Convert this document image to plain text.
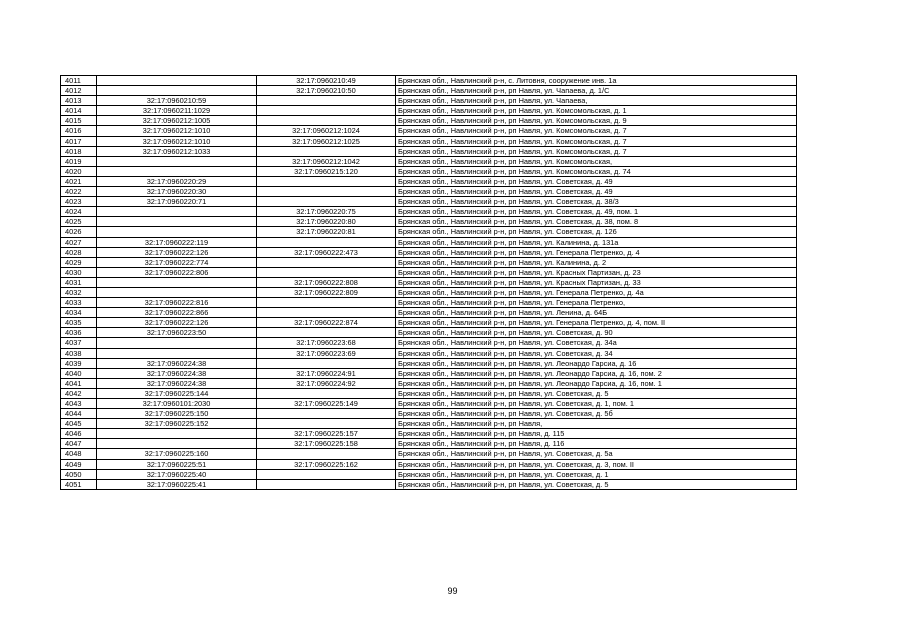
4011		32:17:0960210:49	Брянская обл., Навлинский р-н, с. Литовня, сооружение инв. 1а
4012		32:17:0960210:50	Брянская обл., Навлинский р-н, рп Навля, ул. Чапаева, д. 1/С
4013	32:17:0960210:59		Брянская обл., Навлинский р-н, рп Навля, ул. Чапаева,
4014	32:17:0960211:1029		Брянская обл., Навлинский р-н, рп Навля, ул. Комсомольская, д. 1
4015	32:17:0960212:1005		Брянская обл., Навлинский р-н, рп Навля, ул. Комсомольская, д. 9
4016	32:17:0960212:1010	32:17:0960212:1024	Брянская обл., Навлинский р-н, рп Навля, ул. Комсомольская, д. 7
4017	32:17:0960212:1010	32:17:0960212:1025	Брянская обл., Навлинский р-н, рп Навля, ул. Комсомольская, д. 7
4018	32:17:0960212:1033		Брянская обл., Навлинский р-н, рп Навля, ул. Комсомольская, д. 7
4019		32:17:0960212:1042	Брянская обл., Навлинский р-н, рп Навля, ул. Комсомольская,
4020		32:17:0960215:120	Брянская обл., Навлинский р-н, рп Навля, ул. Комсомольская, д. 74
4021	32:17:0960220:29		Брянская обл., Навлинский р-н, рп Навля, ул. Советская, д. 49
4022	32:17:0960220:30		Брянская обл., Навлинский р-н, рп Навля, ул. Советская, д. 49
4023	32:17:0960220:71		Брянская обл., Навлинский р-н, рп Навля, ул. Советская, д. 38/3
4024		32:17:0960220:75	Брянская обл., Навлинский р-н, рп Навля, ул. Советская, д. 49, пом. 1
4025		32:17:0960220:80	Брянская обл., Навлинский р-н, рп Навля, ул. Советская, д. 38, пом. 8
4026		32:17:0960220:81	Брянская обл., Навлинский р-н, рп Навля, ул. Советская, д. 126
4027	32:17:0960222:119		Брянская обл., Навлинский р-н, рп Навля, ул. Калинина, д. 131а
4028	32:17:0960222:126	32:17:0960222:473	Брянская обл., Навлинский р-н, рп Навля, ул. Генерала Петренко, д. 4
4029	32:17:0960222:774		Брянская обл., Навлинский р-н, рп Навля, ул. Калинина, д. 2
4030	32:17:0960222:806		Брянская обл., Навлинский р-н, рп Навля, ул. Красных Партизан, д. 23
4031		32:17:0960222:808	Брянская обл., Навлинский р-н, рп Навля, ул. Красных Партизан, д. 33
4032		32:17:0960222:809	Брянская обл., Навлинский р-н, рп Навля, ул. Генерала Петренко, д. 4а
4033	32:17:0960222:816		Брянская обл., Навлинский р-н, рп Навля, ул. Генерала Петренко,
4034	32:17:0960222:866		Брянская обл., Навлинский р-н, рп Навля, ул. Ленина, д. 64Б
4035	32:17:0960222:126	32:17:0960222:874	Брянская обл., Навлинский р-н, рп Навля, ул. Генерала Петренко, д. 4, пом. II
4036	32:17:0960223:50		Брянская обл., Навлинский р-н, рп Навля, ул. Советская, д. 90
4037		32:17:0960223:68	Брянская обл., Навлинский р-н, рп Навля, ул. Советская, д. 34а
4038		32:17:0960223:69	Брянская обл., Навлинский р-н, рп Навля, ул. Советская, д. 34
4039	32:17:0960224:38		Брянская обл., Навлинский р-н, рп Навля, ул. Леонардо Гарсиа, д. 16
4040	32:17:0960224:38	32:17:0960224:91	Брянская обл., Навлинский р-н, рп Навля, ул. Леонардо Гарсиа, д. 16, пом. 2
4041	32:17:0960224:38	32:17:0960224:92	Брянская обл., Навлинский р-н, рп Навля, ул. Леонардо Гарсиа, д. 16, пом. 1
4042	32:17:0960225:144		Брянская обл., Навлинский р-н, рп Навля, ул. Советская, д. 5
4043	32:17:0960101:2030	32:17:0960225:149	Брянская обл., Навлинский р-н, рп Навля, ул. Советская, д. 1, пом. 1
4044	32:17:0960225:150		Брянская обл., Навлинский р-н, рп Навля, ул. Советская, д. 5б
4045	32:17:0960225:152		Брянская обл., Навлинский р-н, рп Навля,
4046		32:17:0960225:157	Брянская обл., Навлинский р-н, рп Навля, д. 115
4047		32:17:0960225:158	Брянская обл., Навлинский р-н, рп Навля, д. 116
4048	32:17:0960225:160		Брянская обл., Навлинский р-н, рп Навля, ул. Советская, д. 5а
4049	32:17:0960225:51	32:17:0960225:162	Брянская обл., Навлинский р-н, рп Навля, ул. Советская, д. 3, пом. II
4050	32:17:0960225:40		Брянская обл., Навлинский р-н, рп Навля, ул. Советская, д. 1
4051	32:17:0960225:41		Брянская обл., Навлинский р-н, рп Навля, ул. Советская, д. 5
99
